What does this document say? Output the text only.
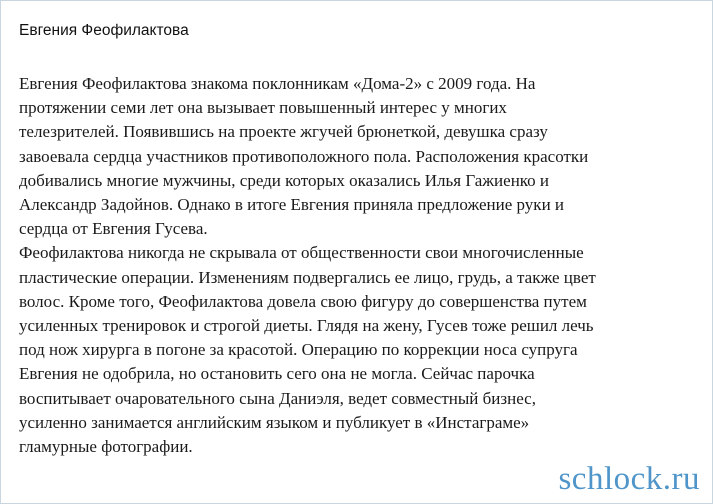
Евгения Феофилактова

Евгения Феофилактова знакома поклонникам «Дома-2» с 2009 года. На
протяжении семи лет она вызывает повышенный интерес у многих
телезрителей. Появившись на проекте жгучей брюнеткой, девушка сразу
завоевала сердца участников противоположного пола. Расположения красотки
добивались многие мужчины, среди которых оказались Илья Гажиенко и
Александр Задойнов. Однако в итоге Евгения приняла предложение руки и
сердца от Евгения Гусева.

Феофилактова никогда не скрывала от общественности свои многочисленные
пластические операции. Изменениям подвергались ее лицо, грудь, а также цвет
волос. Кроме того, Феофилактова довела свою фигуру до совершенства путем
усиленных тренировок и строгой диеты. Глядя на жену, Гусев тоже решил лечь
под нож хирурга в погоне за красотой. Операцию по коррекции носа супруга
Евгения не одобрила, но остановить сего она не могла. Сейчас парочка
воспитывает очаровательного сына Даниэля, ведет совместный бизнес,
усиленно занимается английским языком и публикует в «Инстаграме»
гламурные фотографии.

schlock.ru
